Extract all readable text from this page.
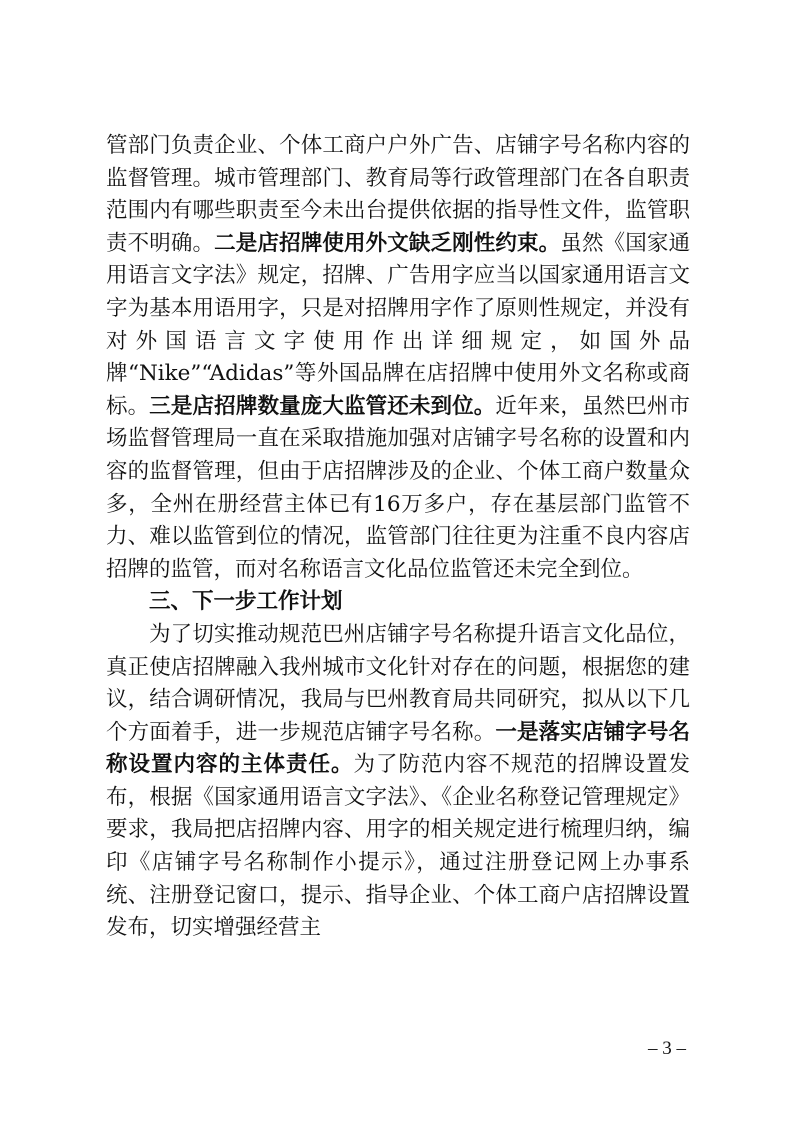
管部门负责企业、个体工商户户外广告、店铺字号名称内容的监督管理。城市管理部门、教育局等行政管理部门在各自职责范围内有哪些职责至今未出台提供依据的指导性文件，监管职责不明确。二是店招牌使用外文缺乏刚性约束。虽然《国家通用语言文字法》规定，招牌、广告用字应当以国家通用语言文字为基本用语用字，只是对招牌用字作了原则性规定，并没有对外国语言文字使用作出详细规定，如国外品牌“Nike”“Adidas”等外国品牌在店招牌中使用外文名称或商标。三是店招牌数量庞大监管还未到位。近年来，虽然巴州市场监督管理局一直在采取措施加强对店铺字号名称的设置和内容的监督管理，但由于店招牌涉及的企业、个体工商户数量众多，全州在册经营主体已有16万多户，存在基层部门监管不力、难以监管到位的情况，监管部门往往更为注重不良内容店招牌的监管，而对名称语言文化品位监管还未完全到位。

三、下一步工作计划

为了切实推动规范巴州店铺字号名称提升语言文化品位，真正使店招牌融入我州城市文化针对存在的问题，根据您的建议，结合调研情况，我局与巴州教育局共同研究，拟从以下几个方面着手，进一步规范店铺字号名称。一是落实店铺字号名称设置内容的主体责任。为了防范内容不规范的招牌设置发布，根据《国家通用语言文字法》、《企业名称登记管理规定》要求，我局把店招牌内容、用字的相关规定进行梳理归纳，编印《店铺字号名称制作小提示》，通过注册登记网上办事系统、注册登记窗口，提示、指导企业、个体工商户店招牌设置发布，切实增强经营主

– 3 –
